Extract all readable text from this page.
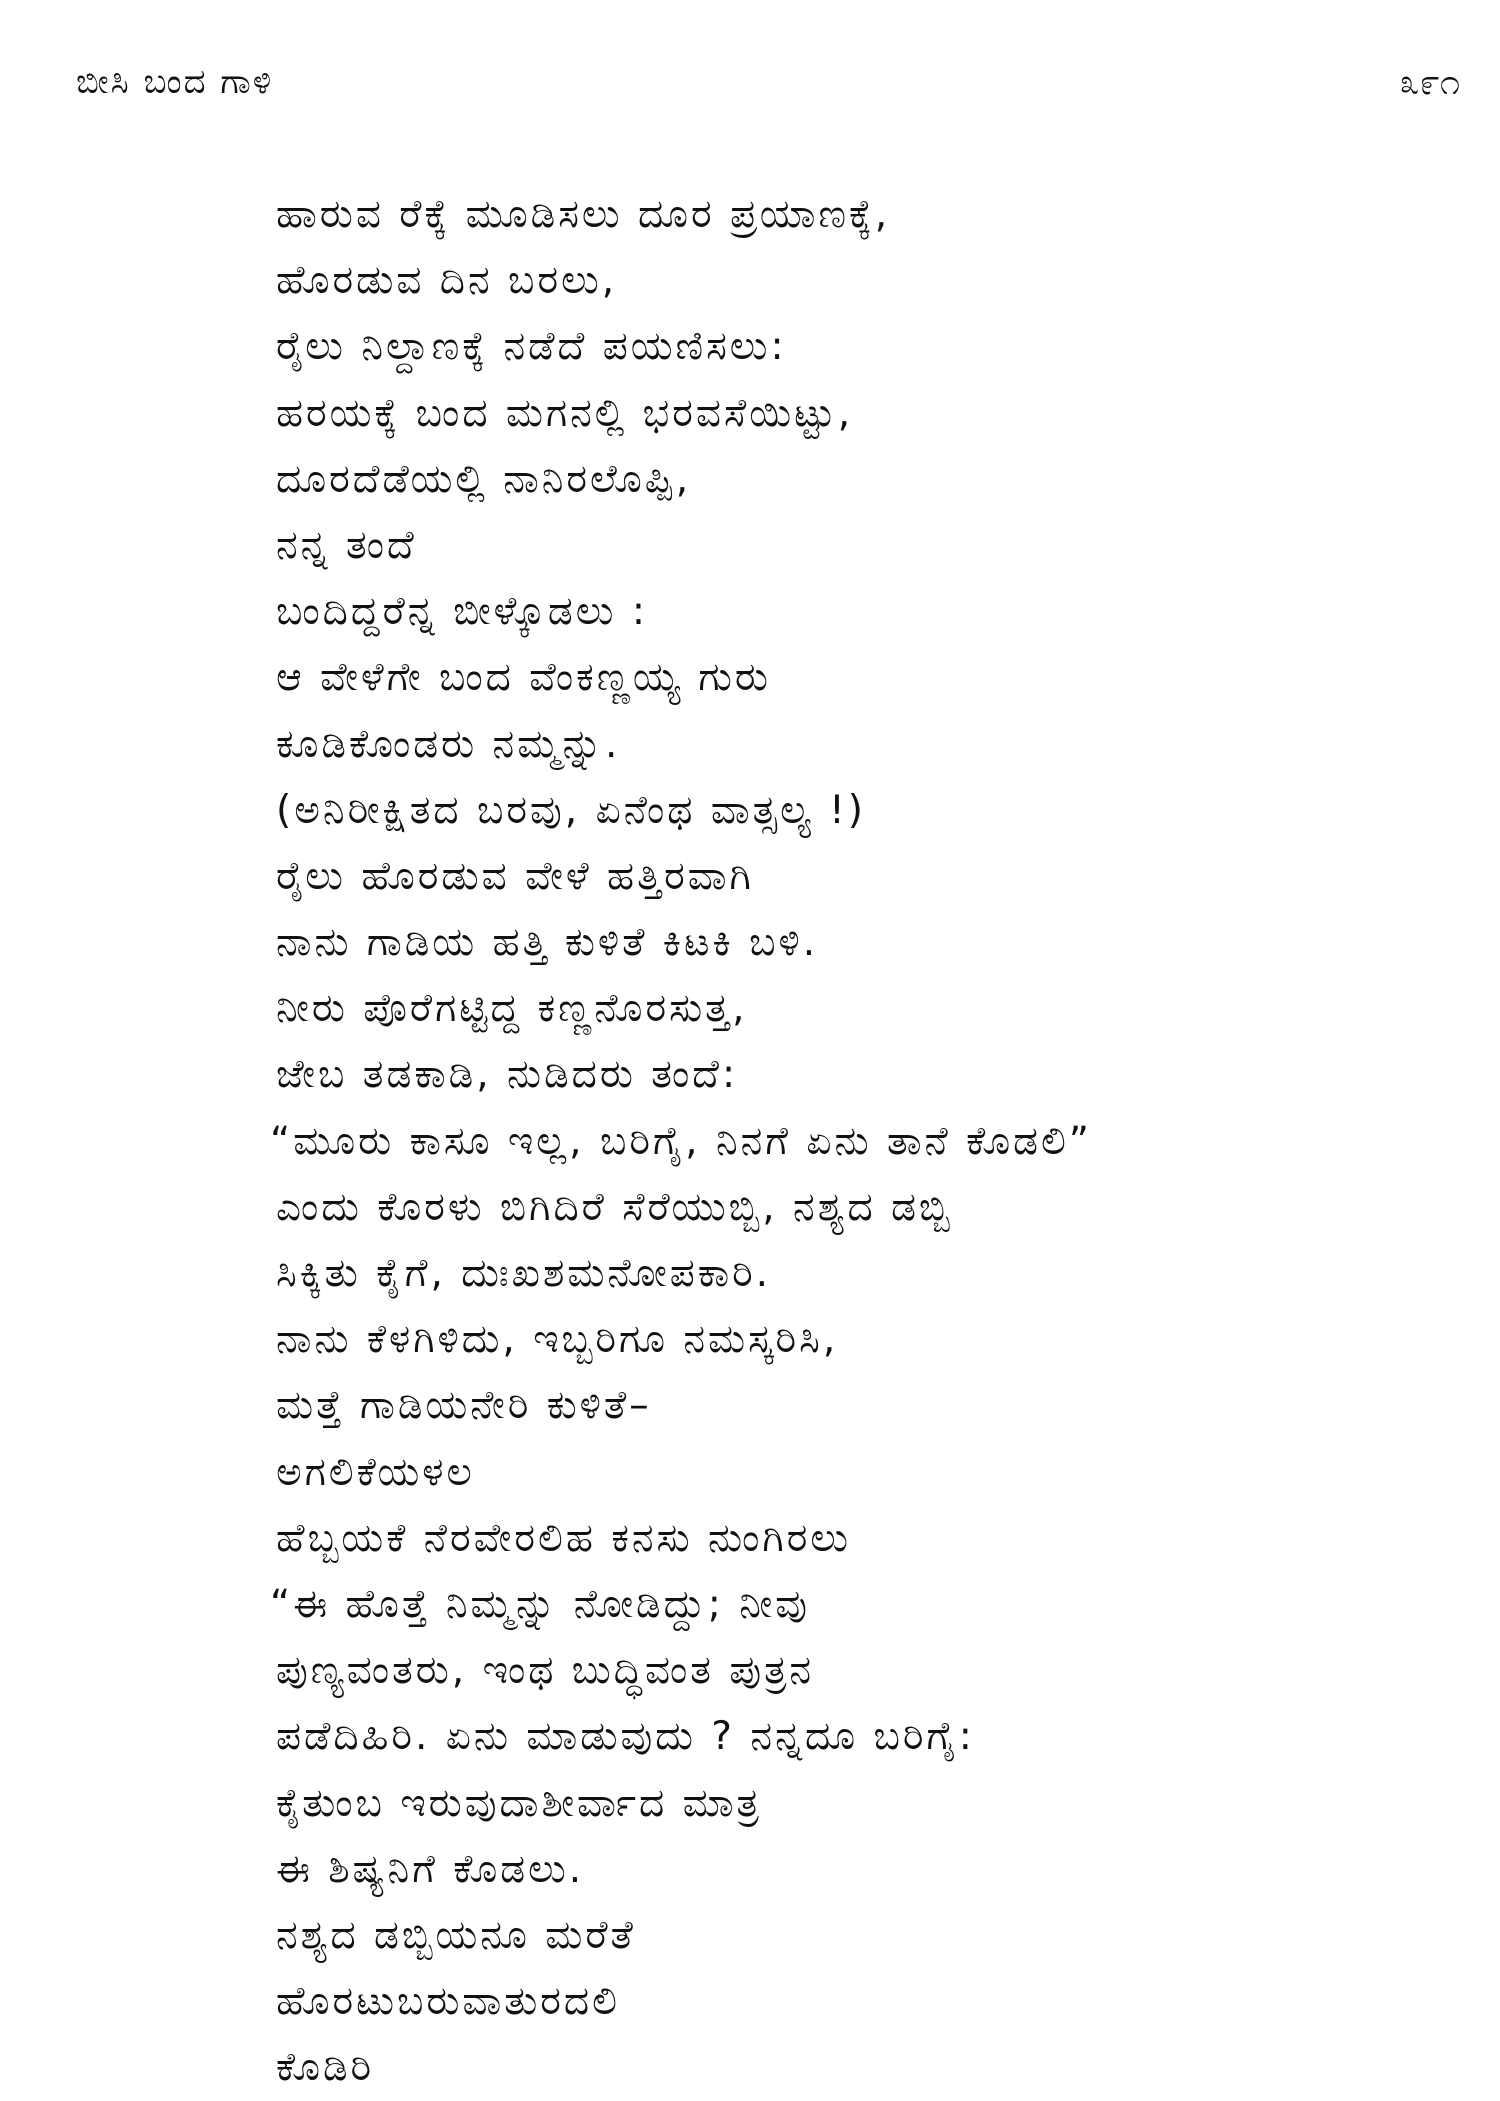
ಬೀಸಿ ಬಂದ ಗಾಳಿ	೩೯೧
ಹಾರುವ ರೆಕ್ಕೆ ಮೂಡಿಸಲು ದೂರ ಪ್ರಯಾಣಕ್ಕೆ,
ಹೊರಡುವ ದಿನ ಬರಲು,
ರೈಲು ನಿಲ್ದಾಣಕ್ಕೆ ನಡೆದೆ ಪಯಣಿಸಲು:
ಹರಯಕ್ಕೆ ಬಂದ ಮಗನಲ್ಲಿ ಭರವಸೆಯಿಟ್ಟು,
ದೂರದೆಡೆಯಲ್ಲಿ ನಾನಿರಲೊಪ್ಪಿ,
ನನ್ನ ತಂದೆ
ಬಂದಿದ್ದರೆನ್ನ ಬೀಳ್ಕೊಡಲು :
ಆ ವೇಳೆಗೇ ಬಂದ ವೆಂಕಣ್ಣಯ್ಯ ಗುರು
ಕೂಡಿಕೊಂಡರು ನಮ್ಮನ್ನು.
(ಅನಿರೀಕ್ಷಿತದ ಬರವು, ಏನೆಂಥ ವಾತ್ಸಲ್ಯ !)
ರೈಲು ಹೊರಡುವ ವೇಳೆ ಹತ್ತಿರವಾಗಿ
ನಾನು ಗಾಡಿಯ ಹತ್ತಿ ಕುಳಿತೆ ಕಿಟಕಿ ಬಳಿ.
ನೀರು ಪೊರೆಗಟ್ಟಿದ್ದ ಕಣ್ಣನೊರಸುತ್ತ,
ಜೇಬ ತಡಕಾಡಿ, ನುಡಿದರು ತಂದೆ:
“ಮೂರು ಕಾಸೂ ಇಲ್ಲ, ಬರಿಗೈ, ನಿನಗೆ ಏನು ತಾನೆ ಕೊಡಲಿ”
ಎಂದು ಕೊರಳು ಬಿಗಿದಿರೆ ಸೆರೆಯುಬ್ಬಿ, ನಶ್ಯದ ಡಬ್ಬಿ
ಸಿಕ್ಕಿತು ಕೈಗೆ, ದುಃಖಶಮನೋಪಕಾರಿ.
ನಾನು ಕೆಳಗಿಳಿದು, ಇಬ್ಬರಿಗೂ ನಮಸ್ಕರಿಸಿ,
ಮತ್ತೆ ಗಾಡಿಯನೇರಿ ಕುಳಿತೆ–
ಅಗಲಿಕೆಯಳಲ
ಹೆಬ್ಬಯಕೆ ನೆರವೇರಲಿಹ ಕನಸು ನುಂಗಿರಲು
“ಈ ಹೊತ್ತೆ ನಿಮ್ಮನ್ನು ನೋಡಿದ್ದು; ನೀವು
ಪುಣ್ಯವಂತರು, ಇಂಥ ಬುದ್ಧಿವಂತ ಪುತ್ರನ
ಪಡೆದಿಹಿರಿ. ಏನು ಮಾಡುವುದು ? ನನ್ನದೂ ಬರಿಗೈ:
ಕೈತುಂಬ ಇರುವುದಾಶೀರ್ವಾದ ಮಾತ್ರ
ಈ ಶಿಷ್ಯನಿಗೆ ಕೊಡಲು.
ನಶ್ಯದ ಡಬ್ಬಿಯನೂ ಮರೆತೆ
ಹೊರಟುಬರುವಾತುರದಲಿ
ಕೊಡಿರಿ
